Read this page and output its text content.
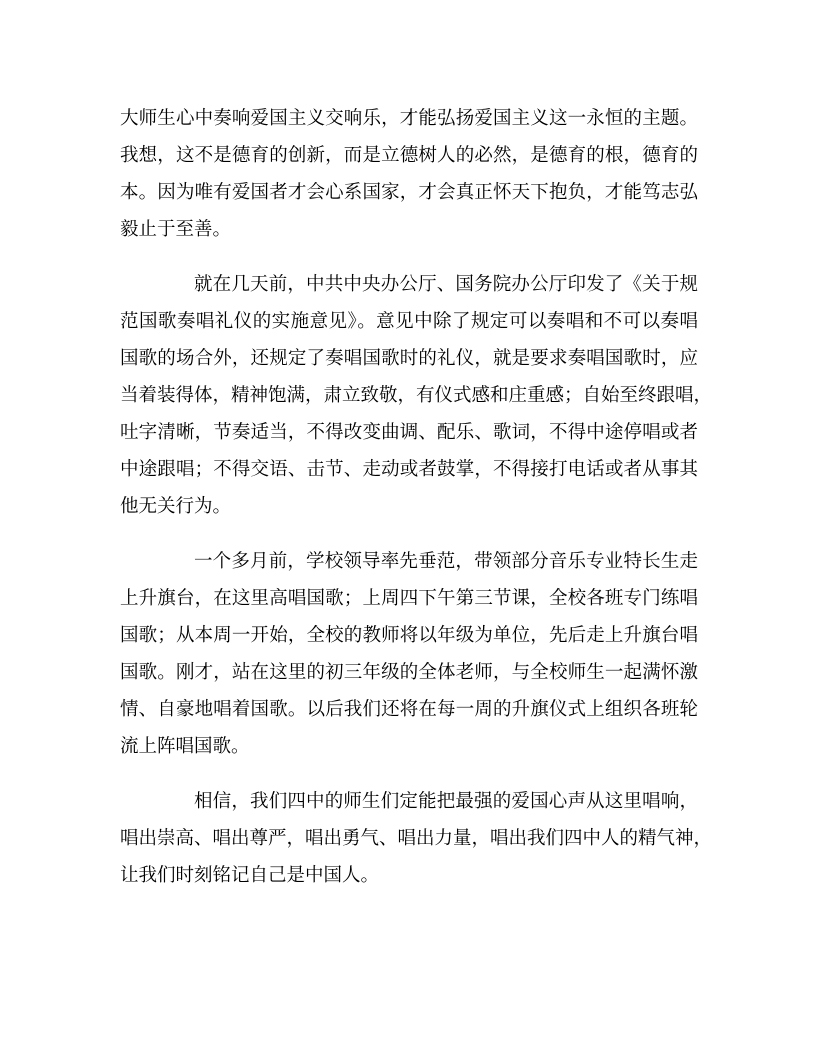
大师生心中奏响爱国主义交响乐，才能弘扬爱国主义这一永恒的主题。
我想，这不是德育的创新，而是立德树人的必然，是德育的根，德育的
本。因为唯有爱国者才会心系国家，才会真正怀天下抱负，才能笃志弘
毅止于至善。
就在几天前，中共中央办公厅、国务院办公厅印发了《关于规
范国歌奏唱礼仪的实施意见》。意见中除了规定可以奏唱和不可以奏唱
国歌的场合外，还规定了奏唱国歌时的礼仪，就是要求奏唱国歌时，应
当着装得体，精神饱满，肃立致敬，有仪式感和庄重感；自始至终跟唱，
吐字清晰，节奏适当，不得改变曲调、配乐、歌词，不得中途停唱或者
中途跟唱；不得交语、击节、走动或者鼓掌，不得接打电话或者从事其
他无关行为。
一个多月前，学校领导率先垂范，带领部分音乐专业特长生走
上升旗台，在这里高唱国歌；上周四下午第三节课，全校各班专门练唱
国歌；从本周一开始，全校的教师将以年级为单位，先后走上升旗台唱
国歌。刚才，站在这里的初三年级的全体老师，与全校师生一起满怀激
情、自豪地唱着国歌。以后我们还将在每一周的升旗仪式上组织各班轮
流上阵唱国歌。
相信，我们四中的师生们定能把最强的爱国心声从这里唱响，
唱出崇高、唱出尊严，唱出勇气、唱出力量，唱出我们四中人的精气神，
让我们时刻铭记自己是中国人。
